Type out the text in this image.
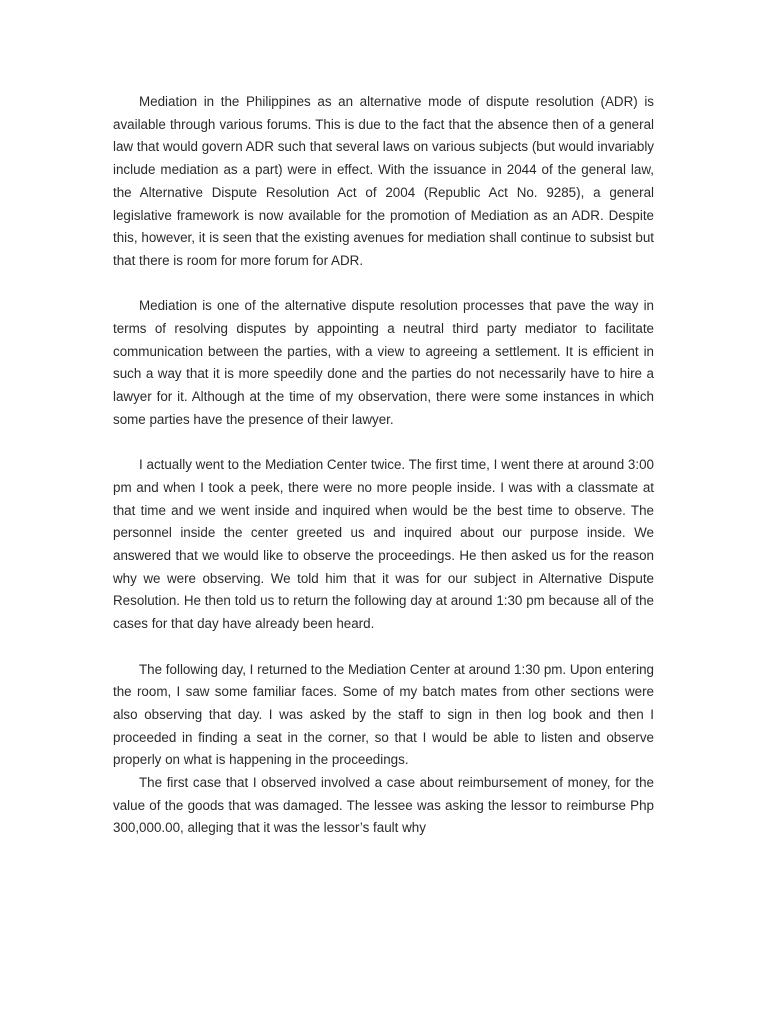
Mediation in the Philippines as an alternative mode of dispute resolution (ADR) is available through various forums. This is due to the fact that the absence then of a general law that would govern ADR such that several laws on various subjects (but would invariably include mediation as a part) were in effect. With the issuance in 2044 of the general law, the Alternative Dispute Resolution Act of 2004 (Republic Act No. 9285), a general legislative framework is now available for the promotion of Mediation as an ADR. Despite this, however, it is seen that the existing avenues for mediation shall continue to subsist but that there is room for more forum for ADR.

Mediation is one of the alternative dispute resolution processes that pave the way in terms of resolving disputes by appointing a neutral third party mediator to facilitate communication between the parties, with a view to agreeing a settlement. It is efficient in such a way that it is more speedily done and the parties do not necessarily have to hire a lawyer for it. Although at the time of my observation, there were some instances in which some parties have the presence of their lawyer.

I actually went to the Mediation Center twice. The first time, I went there at around 3:00 pm and when I took a peek, there were no more people inside. I was with a classmate at that time and we went inside and inquired when would be the best time to observe. The personnel inside the center greeted us and inquired about our purpose inside. We answered that we would like to observe the proceedings. He then asked us for the reason why we were observing. We told him that it was for our subject in Alternative Dispute Resolution. He then told us to return the following day at around 1:30 pm because all of the cases for that day have already been heard.

The following day, I returned to the Mediation Center at around 1:30 pm. Upon entering the room, I saw some familiar faces. Some of my batch mates from other sections were also observing that day. I was asked by the staff to sign in then log book and then I proceeded in finding a seat in the corner, so that I would be able to listen and observe properly on what is happening in the proceedings.

The first case that I observed involved a case about reimbursement of money, for the value of the goods that was damaged. The lessee was asking the lessor to reimburse Php 300,000.00, alleging that it was the lessor’s fault why
